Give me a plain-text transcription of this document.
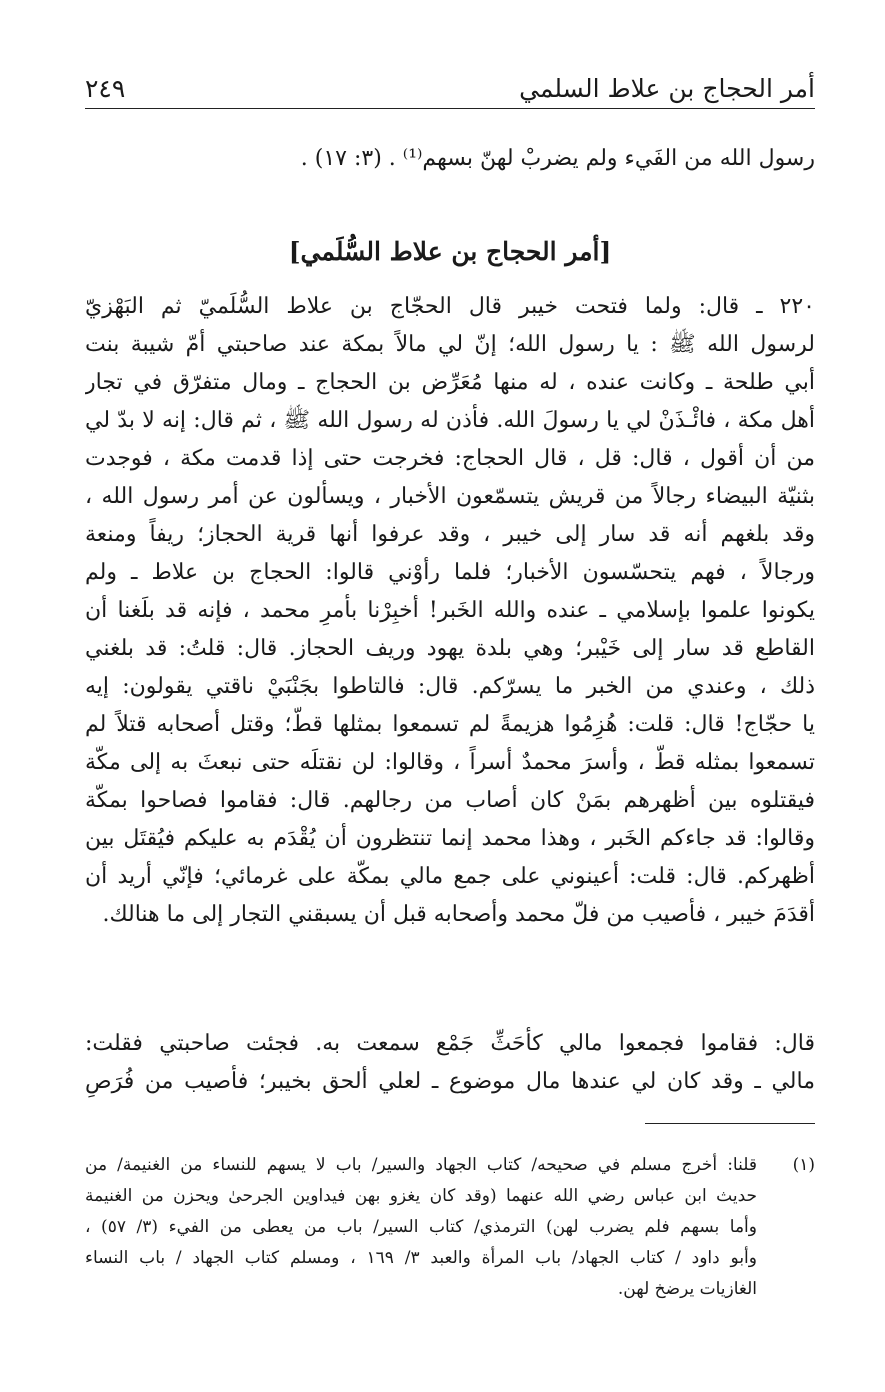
أمر الحجاج بن علاط السلمي
٢٤٩
رسول الله من الفَيء ولم يضربْ لهنّ بسهم⁽¹⁾ . (٣: ١٧) .
[أمر الحجاج بن علاط السُّلَمي]
٢٢٠ ـ قال: ولما فتحت خيبر قال الحجّاج بن علاط السُّلَميّ ثم البَهْزيّ
لرسول الله ﷺ : يا رسول الله؛ إنّ لي مالاً بمكة عند صاحبتي أمّ شيبة بنت
أبي طلحة ـ وكانت عنده ، له منها مُعَرِّض بن الحجاج ـ ومال متفرّق في تجار
أهل مكة ، فائْـذَنْ لي يا رسولَ الله. فأذن له رسول الله ﷺ ، ثم قال: إنه لا بدّ لي
من أن أقول ، قال: قل ، قال الحجاج: فخرجت حتى إذا قدمت مكة ، فوجدت
بثنيّة البيضاء رجالاً من قريش يتسمّعون الأخبار ، ويسألون عن أمر رسول الله ،
وقد بلغهم أنه قد سار إلى خيبر ، وقد عرفوا أنها قرية الحجاز؛ ريفاً ومنعة
ورجالاً ، فهم يتحسّسون الأخبار؛ فلما رأوْني قالوا: الحجاج بن علاط ـ ولم
يكونوا علموا بإسلامي ـ عنده والله الخَبر! أخبِرْنا بأمرِ محمد ، فإنه قد بلَغنا أن
القاطع قد سار إلى خَيْبر؛ وهي بلدة يهود وريف الحجاز. قال: قلتُ: قد بلغني
ذلك ، وعندي من الخبر ما يسرّكم. قال: فالتاطوا بجَنْبَيْ ناقتي يقولون: إيه
يا حجّاج! قال: قلت: هُزِمُوا هزيمةً لم تسمعوا بمثلها قطّ؛ وقتل أصحابه قتلاً لم
تسمعوا بمثله قطّ ، وأسرَ محمدٌ أسراً ، وقالوا: لن نقتلَه حتى نبعثَ به إلى مكّة
فيقتلوه بين أظهرهم بمَنْ كان أصاب من رجالهم. قال: فقاموا فصاحوا بمكّة
وقالوا: قد جاءكم الخَبر ، وهذا محمد إنما تنتظرون أن يُقْدَم به عليكم فيُقتَل بين
أظهركم. قال: قلت: أعينوني على جمع مالي بمكّة على غرمائي؛ فإنّي أريد أن
أقدَمَ خيبر ، فأصيب من فلّ محمد وأصحابه قبل أن يسبقني التجار إلى ما هنالك.
قال: فقاموا فجمعوا مالي كأحَثِّ جَمْع سمعت به. فجئت صاحبتي فقلت:
مالي ـ وقد كان لي عندها مال موضوع ـ لعلي ألحق بخيبر؛ فأصيب من فُرَصِ
(١)
قلنا: أخرج مسلم في صحيحه/ كتاب الجهاد والسير/ باب لا يسهم للنساء من الغنيمة/ من
حديث ابن عباس رضي الله عنهما (وقد كان يغزو بهن فيداوين الجرحىٰ ويحزن من الغنيمة
وأما بسهم فلم يضرب لهن) الترمذي/ كتاب السير/ باب من يعطى من الفيء (٣/ ٥٧) ،
وأبو داود / كتاب الجهاد/ باب المرأة والعبد ٣/ ١٦٩ ، ومسلم كتاب الجهاد / باب النساء
الغازيات يرضخ لهن.
